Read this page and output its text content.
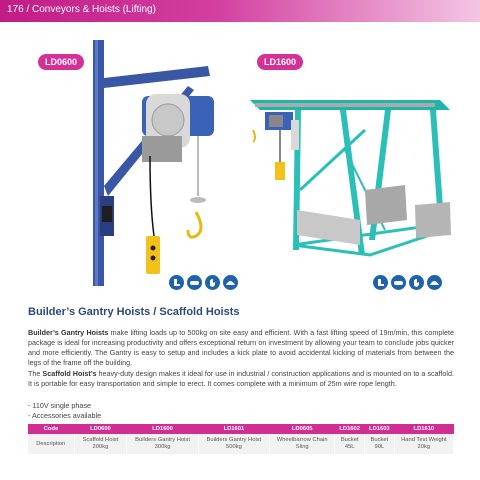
176 / Conveyors & Hoists (Lifting)
LD0600	LD1600
Builder’s Gantry Hoists / Scaffold Hoists

Builder’s Gantry Hoists make lifting loads up to 500kg on site easy and efficient. With a fast lifting speed of 19m/min, this complete package is ideal for increasing productivity and offers exceptional return on investment by allowing your team to conclude jobs quicker and more efficiently. The Gantry is easy to setup and includes a kick plate to avoid accidental kicking of materials from between the legs of the frame off the building.

The Scaffold Hoist’s heavy-duty design makes it ideal for use in industrial / construction applications and is mounted on to a scaffold. It is portable for easy transportation and simple to erect. It comes complete with a minimum of 25m wire rope length.

- 110V single phase
- Accessories available
Code	LD0600	LD1600	LD1601	LD0605	LD1602	LD1603	LD1610
Description	Scaffold Hoist 200kg	Builders Gantry Hoist 300kg	Builders Gantry Hoist 500kg	Wheelbarrow Chain Sling	Bucket 45L	Bucket 90L	Hand Test Weight 20kg
